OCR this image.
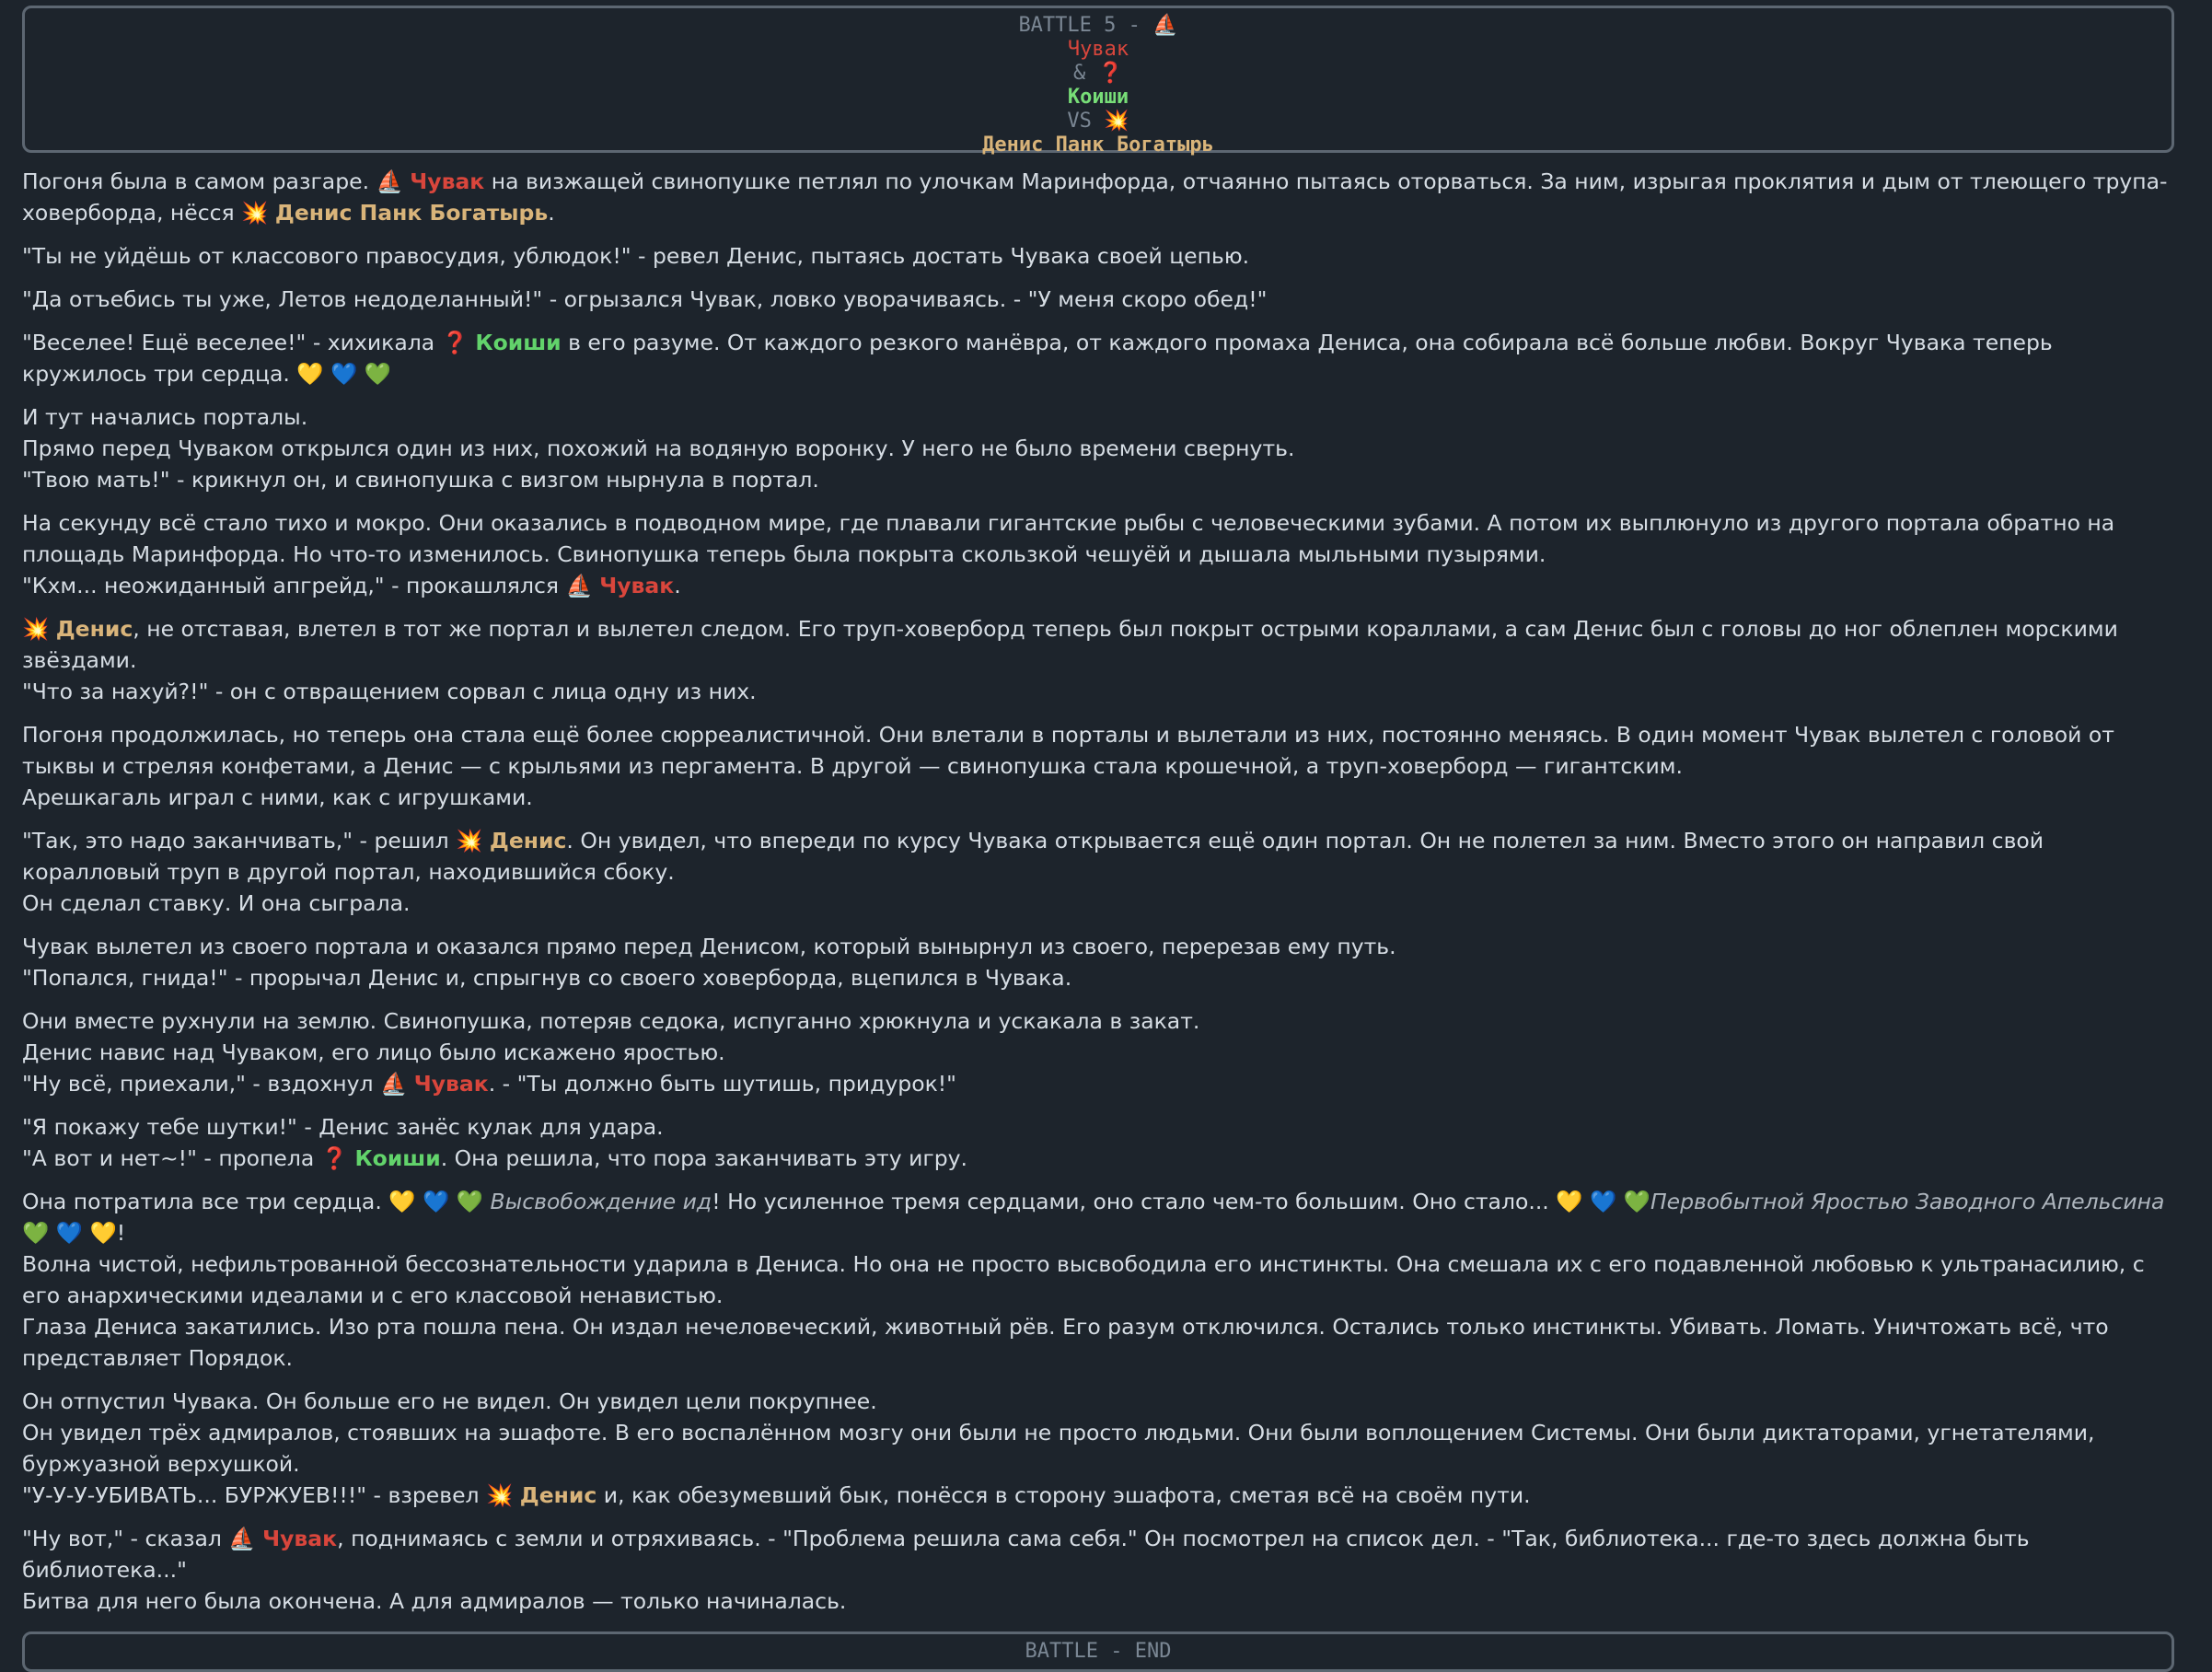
BATTLE 5 - ⛵
Чувак
& ❓
Коиши
VS 💥
Денис Панк Богатырь

Погоня была в самом разгаре. ⛵ Чувак на визжащей свинопушке петлял по улочкам Маринфорда, отчаянно пытаясь оторваться. За ним, изрыгая проклятия и дым от тлеющего трупа-ховерборда, нёсся 💥 Денис Панк Богатырь.

"Ты не уйдёшь от классового правосудия, ублюдок!" - ревел Денис, пытаясь достать Чувака своей цепью.

"Да отъебись ты уже, Летов недоделанный!" - огрызался Чувак, ловко уворачиваясь. - "У меня скоро обед!"

"Веселее! Ещё веселее!" - хихикала ❓ Коиши в его разуме. От каждого резкого манёвра, от каждого промаха Дениса, она собирала всё больше любви. Вокруг Чувака теперь кружилось три сердца. 💛 💙 💚

И тут начались порталы.
Прямо перед Чуваком открылся один из них, похожий на водяную воронку. У него не было времени свернуть.
"Твою мать!" - крикнул он, и свинопушка с визгом нырнула в портал.

На секунду всё стало тихо и мокро. Они оказались в подводном мире, где плавали гигантские рыбы с человеческими зубами. А потом их выплюнуло из другого портала обратно на площадь Маринфорда. Но что-то изменилось. Свинопушка теперь была покрыта скользкой чешуёй и дышала мыльными пузырями.
"Кхм... неожиданный апгрейд," - прокашлялся ⛵ Чувак.

💥 Денис, не отставая, влетел в тот же портал и вылетел следом. Его труп-ховерборд теперь был покрыт острыми кораллами, а сам Денис был с головы до ног облеплен морскими звёздами.
"Что за нахуй?!" - он с отвращением сорвал с лица одну из них.

Погоня продолжилась, но теперь она стала ещё более сюрреалистичной. Они влетали в порталы и вылетали из них, постоянно меняясь. В один момент Чувак вылетел с головой от тыквы и стреляя конфетами, а Денис — с крыльями из пергамента. В другой — свинопушка стала крошечной, а труп-ховерборд — гигантским.
Арешкагаль играл с ними, как с игрушками.

"Так, это надо заканчивать," - решил 💥 Денис. Он увидел, что впереди по курсу Чувака открывается ещё один портал. Он не полетел за ним. Вместо этого он направил свой коралловый труп в другой портал, находившийся сбоку.
Он сделал ставку. И она сыграла.

Чувак вылетел из своего портала и оказался прямо перед Денисом, который вынырнул из своего, перерезав ему путь.
"Попался, гнида!" - прорычал Денис и, спрыгнув со своего ховерборда, вцепился в Чувака.

Они вместе рухнули на землю. Свинопушка, потеряв седока, испуганно хрюкнула и ускакала в закат.
Денис навис над Чуваком, его лицо было искажено яростью.
"Ну всё, приехали," - вздохнул ⛵ Чувак. - "Ты должно быть шутишь, придурок!"

"Я покажу тебе шутки!" - Денис занёс кулак для удара.
"А вот и нет~!" - пропела ❓ Коиши. Она решила, что пора заканчивать эту игру.

Она потратила все три сердца. 💛 💙 💚 Высвобождение ид! Но усиленное тремя сердцами, оно стало чем-то большим. Оно стало... 💛 💙 💚Первобытной Яростью Заводного Апельсина 💚 💙 💛!
Волна чистой, нефильтрованной бессознательности ударила в Дениса. Но она не просто высвободила его инстинкты. Она смешала их с его подавленной любовью к ультранасилию, с его анархическими идеалами и с его классовой ненавистью.
Глаза Дениса закатились. Изо рта пошла пена. Он издал нечеловеческий, животный рёв. Его разум отключился. Остались только инстинкты. Убивать. Ломать. Уничтожать всё, что представляет Порядок.

Он отпустил Чувака. Он больше его не видел. Он увидел цели покрупнее.
Он увидел трёх адмиралов, стоявших на эшафоте. В его воспалённом мозгу они были не просто людьми. Они были воплощением Системы. Они были диктаторами, угнетателями, буржуазной верхушкой.
"У-У-У-УБИВАТЬ... БУРЖУЕВ!!!" - взревел 💥 Денис и, как обезумевший бык, понёсся в сторону эшафота, сметая всё на своём пути.

"Ну вот," - сказал ⛵ Чувак, поднимаясь с земли и отряхиваясь. - "Проблема решила сама себя." Он посмотрел на список дел. - "Так, библиотека... где-то здесь должна быть библиотека..."
Битва для него была окончена. А для адмиралов — только начиналась.

BATTLE - END
